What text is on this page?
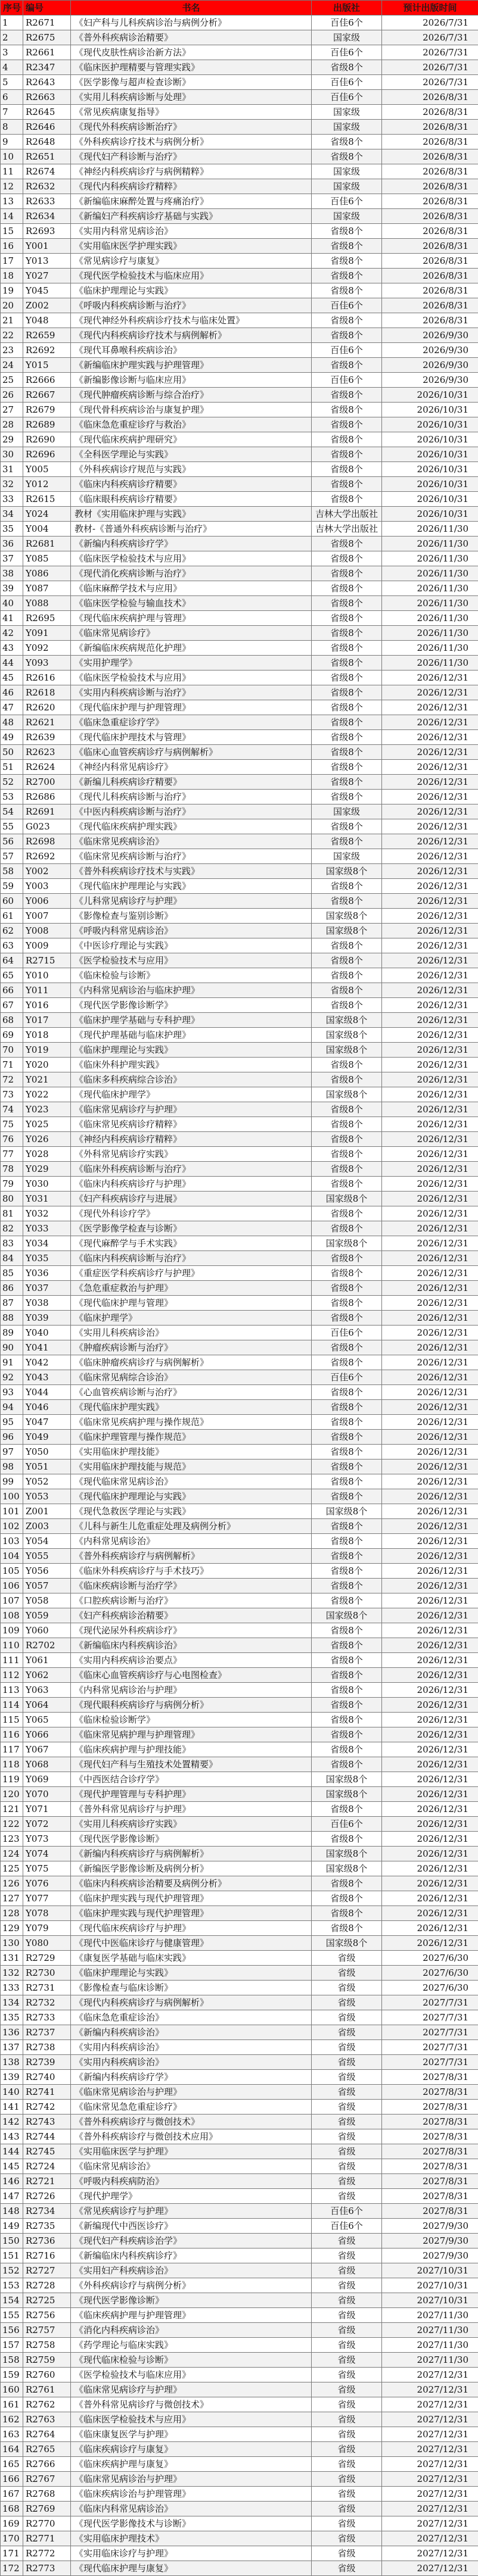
序号	编号	书名	出版社	预计出版时间
1	R2671	《妇产科与儿科疾病诊治与病例分析》	百佳6个	2026/7/31
2	R2675	《普外科疾病诊治精要》	国家级	2026/7/31
3	R2661	《现代皮肤性病诊治新方法》	百佳6个	2026/7/31
4	R2347	《临床医护理精要与管理实践》	省级8个	2026/7/31
5	R2643	《医学影像与超声检查诊断》	百佳6个	2026/7/31
6	R2663	《实用儿科疾病诊断与处理》	百佳6个	2026/8/31
7	R2645	《常见疾病康复指导》	国家级	2026/8/31
8	R2646	《现代外科疾病诊断治疗》	国家级	2026/8/31
9	R2648	《外科疾病诊疗技术与病例分析》	省级8个	2026/8/31
10	R2651	《现代妇产科诊断与治疗》	省级8个	2026/8/31
11	R2674	《神经内科疾病诊疗与病例精粹》	国家级	2026/8/31
12	R2632	《现代内科疾病诊疗精粹》	国家级	2026/8/31
13	R2633	《新编临床麻醉处置与疼痛治疗》	百佳6个	2026/8/31
14	R2634	《新编妇产科疾病诊疗基础与实践》	国家级	2026/8/31
15	R2693	《实用内科常见病诊治》	省级8个	2026/8/31
16	Y001	《实用临床医学护理实践》	省级8个	2026/8/31
17	Y013	《常见病诊疗与康复》	省级8个	2026/8/31
18	Y027	《现代医学检验技术与临床应用》	省级8个	2026/8/31
19	Y045	《临床护理理论与实践》	省级8个	2026/8/31
20	Z002	《呼吸内科疾病诊断与治疗》	百佳6个	2026/8/31
21	Y048	《现代神经外科疾病诊疗技术与临床处置》	省级8个	2026/8/31
22	R2659	《现代内科疾病诊疗技术与病例解析》	省级8个	2026/9/30
23	R2692	《现代耳鼻喉科疾病诊治》	百佳6个	2026/9/30
24	Y015	《新编临床护理实践与护理管理》	省级8个	2026/9/30
25	R2666	《新编影像诊断与临床应用》	百佳6个	2026/9/30
26	R2667	《现代肿瘤疾病诊断与综合治疗》	省级8个	2026/10/31
27	R2679	《现代骨科疾病诊治与康复护理》	省级8个	2026/10/31
28	R2689	《临床急危重症诊疗与救治》	省级8个	2026/10/31
29	R2690	《现代临床疾病护理研究》	省级8个	2026/10/31
30	R2696	《全科医学理论与实践》	省级8个	2026/10/31
31	Y005	《外科疾病诊疗规范与实践》	省级8个	2026/10/31
32	Y012	《临床内科疾病诊疗精要》	省级8个	2026/10/31
33	R2615	《临床眼科疾病诊疗精要》	省级8个	2026/10/31
34	Y024	教材《实用临床护理与实践》	吉林大学出版社	2026/10/31
35	Y004	教材-《普通外科疾病诊断与治疗》	吉林大学出版社	2026/11/30
36	R2681	《新编内科疾病诊疗学》	省级8个	2026/11/30
37	Y085	《临床医学检验技术与应用》	省级8个	2026/11/30
38	Y086	《现代消化疾病诊断与治疗》	省级8个	2026/11/30
39	Y087	《临床麻醉学技术与应用》	省级8个	2026/11/30
40	Y088	《临床医学检验与输血技术》	省级8个	2026/11/30
41	R2695	《现代临床疾病护理与管理》	省级8个	2026/11/30
42	Y091	《临床常见病诊疗》	省级8个	2026/11/30
43	Y092	《新编临床疾病规范化护理》	省级8个	2026/11/30
44	Y093	《实用护理学》	省级8个	2026/11/30
45	R2616	《临床医学检验技术与应用》	省级8个	2026/12/31
46	R2618	《实用内科疾病诊断与治疗》	省级8个	2026/12/31
47	R2620	《现代临床护理与护理管理》	省级8个	2026/12/31
48	R2621	《临床急重症诊疗学》	省级8个	2026/12/31
49	R2639	《现代临床护理技术与管理》	省级8个	2026/12/31
50	R2623	《临床心血管疾病诊疗与病例解析》	省级8个	2026/12/31
51	R2624	《神经内科常见病诊疗》	省级8个	2026/12/31
52	R2700	《新编儿科疾病诊疗精要》	省级8个	2026/12/31
53	R2686	《现代儿科疾病诊断与治疗》	省级8个	2026/12/31
54	R2691	《中医内科疾病诊断与治疗》	国家级	2026/12/31
55	G023	《现代临床疾病护理实践》	省级8个	2026/12/31
56	R2698	《临床常见疾病诊治》	省级8个	2026/12/31
57	R2692	《临床常见疾病诊断与治疗》	国家级	2026/12/31
58	Y002	《普外科疾病诊疗技术与实践》	国家级8个	2026/12/31
59	Y003	《现代临床护理理论与实践》	省级8个	2026/12/31
60	Y006	《儿科常见病诊疗与护理》	省级8个	2026/12/31
61	Y007	《影像检查与鉴别诊断》	国家级8个	2026/12/31
62	Y008	《呼吸内科常见病诊治》	国家级8个	2026/12/31
63	Y009	《中医诊疗理论与实践》	省级8个	2026/12/31
64	R2715	《医学检验技术与应用》	省级8个	2026/12/31
65	Y010	《临床检验与诊断》	省级8个	2026/12/31
66	Y011	《内科常见病诊治与临床护理》	省级8个	2026/12/31
67	Y016	《现代医学影像诊断学》	省级8个	2026/12/31
68	Y017	《临床护理学基础与专科护理》	国家级8个	2026/12/31
69	Y018	《现代护理基础与临床护理》	国家级8个	2026/12/31
70	Y019	《临床护理理论与实践》	国家级8个	2026/12/31
71	Y020	《临床外科护理实践》	省级8个	2026/12/31
72	Y021	《临床多科疾病综合诊治》	省级8个	2026/12/31
73	Y022	《现代临床护理学》	国家级8个	2026/12/31
74	Y023	《临床常见病诊疗与护理》	省级8个	2026/12/31
75	Y025	《临床常见疾病诊疗精粹》	省级8个	2026/12/31
76	Y026	《神经内科疾病诊疗精粹》	省级8个	2026/12/31
77	Y028	《外科常见病诊疗实践》	省级8个	2026/12/31
78	Y029	《临床外科疾病诊断与治疗》	省级8个	2026/12/31
79	Y030	《临床内科疾病诊疗与护理》	省级8个	2026/12/31
80	Y031	《妇产科疾病诊疗与进展》	国家级8个	2026/12/31
81	Y032	《现代外科诊疗学》	省级8个	2026/12/31
82	Y033	《医学影像学检查与诊断》	省级8个	2026/12/31
83	Y034	《现代麻醉学与手术实践》	国家级8个	2026/12/31
84	Y035	《临床内科疾病诊断与治疗》	省级8个	2026/12/31
85	Y036	《重症医学科疾病诊疗与护理》	省级8个	2026/12/31
86	Y037	《急危重症救治与护理》	省级8个	2026/12/31
87	Y038	《现代临床护理与管理》	省级8个	2026/12/31
88	Y039	《临床护理学》	省级8个	2026/12/31
89	Y040	《实用儿科疾病诊治》	百佳6个	2026/12/31
90	Y041	《肿瘤疾病诊断与治疗》	省级8个	2026/12/31
91	Y042	《临床肿瘤疾病诊疗与病例解析》	省级8个	2026/12/31
92	Y043	《临床常见病综合诊治》	百佳6个	2026/12/31
93	Y044	《心血管疾病诊断与治疗》	省级8个	2026/12/31
94	Y046	《现代临床护理实践》	省级8个	2026/12/31
95	Y047	《临床常见疾病护理与操作规范》	省级8个	2026/12/31
96	Y049	《临床护理管理与操作规范》	省级8个	2026/12/31
97	Y050	《实用临床护理技能》	省级8个	2026/12/31
98	Y051	《实用临床护理技能与规范》	省级8个	2026/12/31
99	Y052	《现代临床常见病诊治》	省级8个	2026/12/31
100	Y053	《现代临床护理理论与实践》	省级8个	2026/12/31
101	Z001	《现代急救医学理论与实践》	国家级8个	2026/12/31
102	Z003	《儿科与新生儿危重症处理及病例分析》	省级8个	2026/12/31
103	Y054	《内科常见病诊治》	省级8个	2026/12/31
104	Y055	《普外科疾病诊疗与病例解析》	省级8个	2026/12/31
105	Y056	《临床外科疾病诊疗与手术技巧》	省级8个	2026/12/31
106	Y057	《临床疾病诊断与治疗学》	省级8个	2026/12/31
107	Y058	《口腔疾病诊断与治疗》	省级8个	2026/12/31
108	Y059	《妇产科疾病诊治精要》	国家级8个	2026/12/31
109	Y060	《现代泌尿外科疾病诊疗》	省级8个	2026/12/31
110	R2702	《新编临床内科疾病诊治》	省级8个	2026/12/31
111	Y061	《实用内科疾病诊治要点》	省级8个	2026/12/31
112	Y062	《临床心血管疾病诊疗与心电图检查》	省级8个	2026/12/31
113	Y063	《内科常见病诊治与护理》	省级8个	2026/12/31
114	Y064	《现代眼科疾病诊疗与病例分析》	省级8个	2026/12/31
115	Y065	《临床检验诊断学》	省级8个	2026/12/31
116	Y066	《临床常见病护理与护理管理》	省级8个	2026/12/31
117	Y067	《临床疾病护理与护理技能》	省级8个	2026/12/31
118	Y068	《现代妇产科与生殖技术处置精要》	省级8个	2026/12/31
119	Y069	《中西医结合诊疗学》	国家级8个	2026/12/31
120	Y070	《现代护理管理与专科护理》	国家级8个	2026/12/31
121	Y071	《普外科常见病诊疗与护理》	省级8个	2026/12/31
122	Y072	《实用儿科疾病诊疗实践》	百佳6个	2026/12/31
123	Y073	《现代医学影像诊断》	省级8个	2026/12/31
124	Y074	《新编内科疾病诊疗与病例解析》	国家级8个	2026/12/31
125	Y075	《新编医学影像诊断及病例分析》	国家级8个	2026/12/31
126	Y076	《临床内科疾病诊治精要及病例分析》	省级8个	2026/12/31
127	Y077	《临床护理实践与现代护理管理》	省级8个	2026/12/31
128	Y078	《临床护理实践与现代护理管理》	省级8个	2026/12/31
129	Y079	《现代临床疾病诊疗与护理》	省级8个	2026/12/31
130	Y080	《现代中医临床诊疗与健康管理》	国家级8个	2026/12/31
131	R2729	《康复医学基础与临床实践》	省级	2027/6/30
132	R2730	《临床护理理论与实践》	省级	2027/6/30
133	R2731	《影像检查与临床诊断》	省级	2027/6/30
134	R2732	《现代内科疾病诊疗与病例解析》	省级	2027/7/31
135	R2733	《临床急危重症诊治》	省级	2027/7/31
136	R2737	《新编内科疾病诊治》	省级	2027/7/31
137	R2738	《实用内科疾病诊治》	省级	2027/7/31
138	R2739	《实用内科疾病诊治》	省级	2027/7/31
139	R2740	《新编内科疾病诊疗学》	省级	2027/8/31
140	R2741	《临床常见病诊治与护理》	省级	2027/8/31
141	R2742	《临床常见急危重症诊疗》	省级	2027/8/31
142	R2743	《普外科疾病诊疗与微创技术》	省级	2027/8/31
143	R2744	《普外科疾病诊疗与微创技术应用》	省级	2027/8/31
144	R2745	《实用临床医学与护理》	省级	2027/8/31
145	R2724	《临床常见病诊治》	省级	2027/8/31
146	R2721	《呼吸内科疾病防治》	省级	2027/8/31
147	R2726	《现代护理学》	省级	2027/8/31
148	R2734	《常见疾病诊疗与护理》	百佳6个	2027/8/31
149	R2735	《新编现代中西医诊疗》	百佳6个	2027/9/30
150	R2736	《现代妇产科疾病诊治学》	省级	2027/9/30
151	R2716	《新编临床内科疾病诊疗》	省级	2027/9/30
152	R2727	《实用妇产科疾病诊治》	省级	2027/10/31
153	R2728	《外科疾病诊疗与病例分析》	省级	2027/10/31
154	R2725	《现代医学影像诊断》	省级	2027/10/31
155	R2756	《临床疾病护理与护理管理》	省级	2027/11/30
156	R2757	《消化内科疾病诊治》	省级	2027/11/30
157	R2758	《药学理论与临床实践》	省级	2027/11/30
158	R2759	《现代临床检验与诊断》	省级	2027/11/30
159	R2760	《医学检验技术与临床应用》	省级	2027/12/31
160	R2761	《临床常见病诊疗与护理》	省级	2027/12/31
161	R2762	《普外科常见病诊疗与微创技术》	省级	2027/12/31
162	R2763	《临床医学检验技术与应用》	省级	2027/12/31
163	R2764	《临床康复医学与护理》	省级	2027/12/31
164	R2765	《临床疾病诊疗与康复》	省级	2027/12/31
165	R2766	《临床疾病护理与康复》	省级	2027/12/31
166	R2767	《临床常见病诊治与护理》	省级	2027/12/31
167	R2768	《临床疾病诊治与护理管理》	省级	2027/12/31
168	R2769	《临床内科常见病诊治》	省级	2027/12/31
169	R2770	《现代医学影像技术与诊断》	省级	2027/12/31
170	R2771	《实用临床护理技术》	省级	2027/12/31
171	R2772	《实用临床诊疗与护理》	省级	2027/12/31
172	R2773	《现代临床护理与康复》	省级	2027/12/31
